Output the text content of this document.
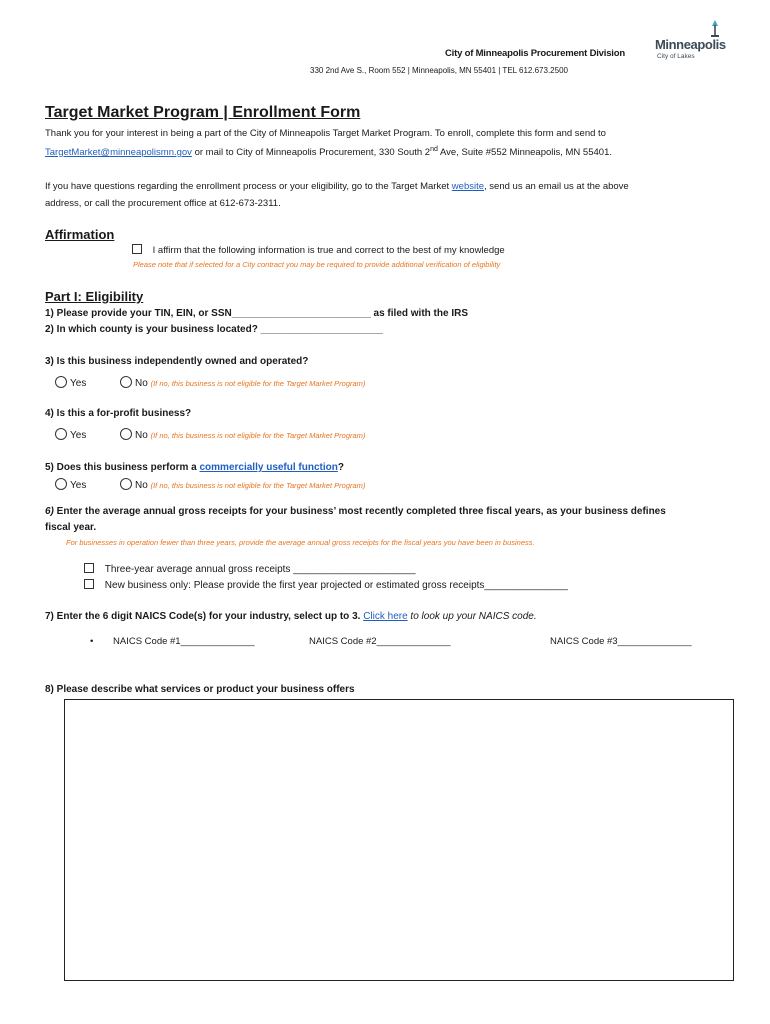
City of Minneapolis Procurement Division
330 2nd Ave S., Room 552 | Minneapolis, MN 55401 | TEL 612.673.2500
Minneapolis
City of Lakes
Target Market Program | Enrollment Form
Thank you for your interest in being a part of the City of Minneapolis Target Market Program. To enroll, complete this form and send to
TargetMarket@minneapolismn.gov or mail to City of Minneapolis Procurement, 330 South 2nd Ave, Suite #552 Minneapolis, MN 55401.
If you have questions regarding the enrollment process or your eligibility, go to the Target Market website, send us an email us at the above
address, or call the procurement office at 612-673-2311.
Affirmation
I affirm that the following information is true and correct to the best of my knowledge
Please note that if selected for a City contract you may be required to provide additional verification of eligibility
Part I: Eligibility
1) Please provide your TIN, EIN, or SSN_________________________ as filed with the IRS
2) In which county is your business located? ______________________
3) Is this business independently owned and operated?
Yes	No (If no, this business is not eligible for the Target Market Program)
4) Is this a for-profit business?
Yes	No (If no, this business is not eligible for the Target Market Program)
5) Does this business perform a commercially useful function?
Yes	No (If no, this business is not eligible for the Target Market Program)
6) Enter the average annual gross receipts for your business’ most recently completed three fiscal years, as your business defines
fiscal year.
For businesses in operation fewer than three years, provide the average annual gross receipts for the fiscal years you have been in business.
Three-year average annual gross receipts ______________________
New business only: Please provide the first year projected or estimated gross receipts_______________
7) Enter the 6 digit NAICS Code(s) for your industry, select up to 3. Click here to look up your NAICS code.
• NAICS Code #1______________	NAICS Code #2______________	NAICS Code #3______________
8) Please describe what services or product your business offers
